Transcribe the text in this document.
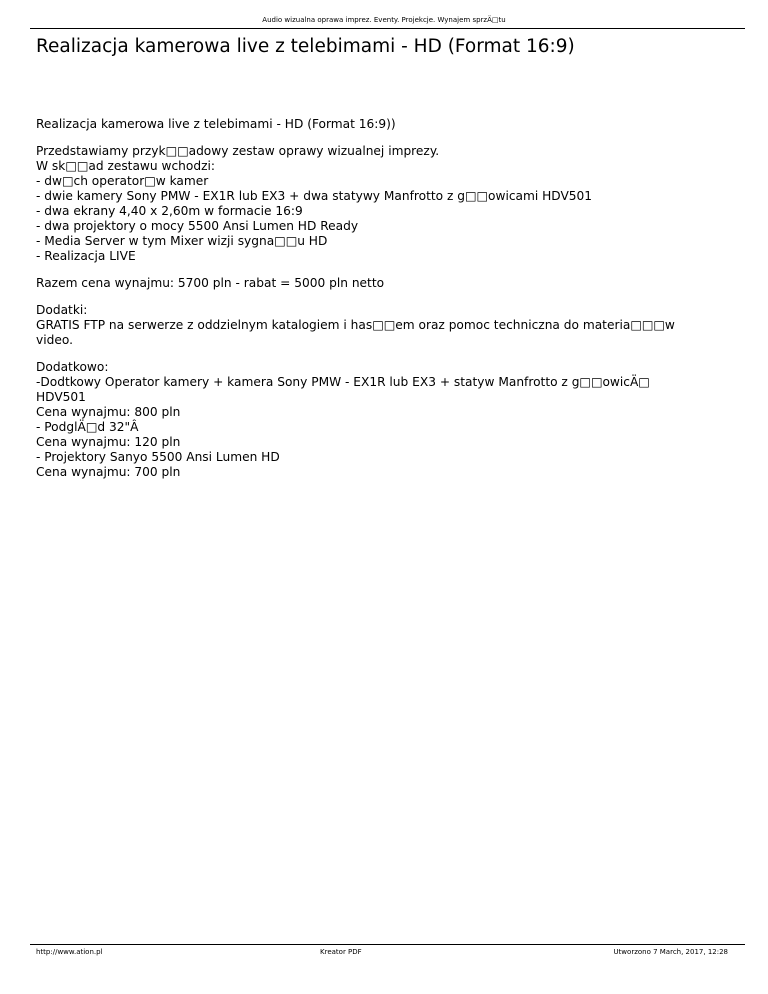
Audio wizualna oprawa imprez. Eventy. Projekcje. Wynajem sprzÄ□tu
Realizacja kamerowa live z telebimami - HD (Format 16:9)

Realizacja kamerowa live z telebimami - HD (Format 16:9))

Przedstawiamy przyk□□adowy zestaw oprawy wizualnej imprezy.
W sk□□ad zestawu wchodzi:
- dw□ch operator□w kamer
- dwie kamery Sony PMW - EX1R lub EX3 + dwa statywy Manfrotto z g□□owicami HDV501
- dwa ekrany 4,40 x 2,60m w formacie 16:9
- dwa projektory o mocy 5500 Ansi Lumen HD Ready
- Media Server w tym Mixer wizji sygna□□u HD
- Realizacja LIVE

Razem cena wynajmu: 5700 pln - rabat = 5000 pln netto

Dodatki:
GRATIS FTP na serwerze z oddzielnym katalogiem i has□□em oraz pomoc techniczna do materia□□□w
video.

Dodatkowo:
-Dodtkowy Operator kamery + kamera Sony PMW - EX1R lub EX3 + statyw Manfrotto z g□□owicÄ□
HDV501
Cena wynajmu: 800 pln
- PodglÄ□d 32"Â
Cena wynajmu: 120 pln
- Projektory Sanyo 5500 Ansi Lumen HD
Cena wynajmu: 700 pln

http://www.ation.pl	Kreator PDF	Utworzono 7 March, 2017, 12:28
